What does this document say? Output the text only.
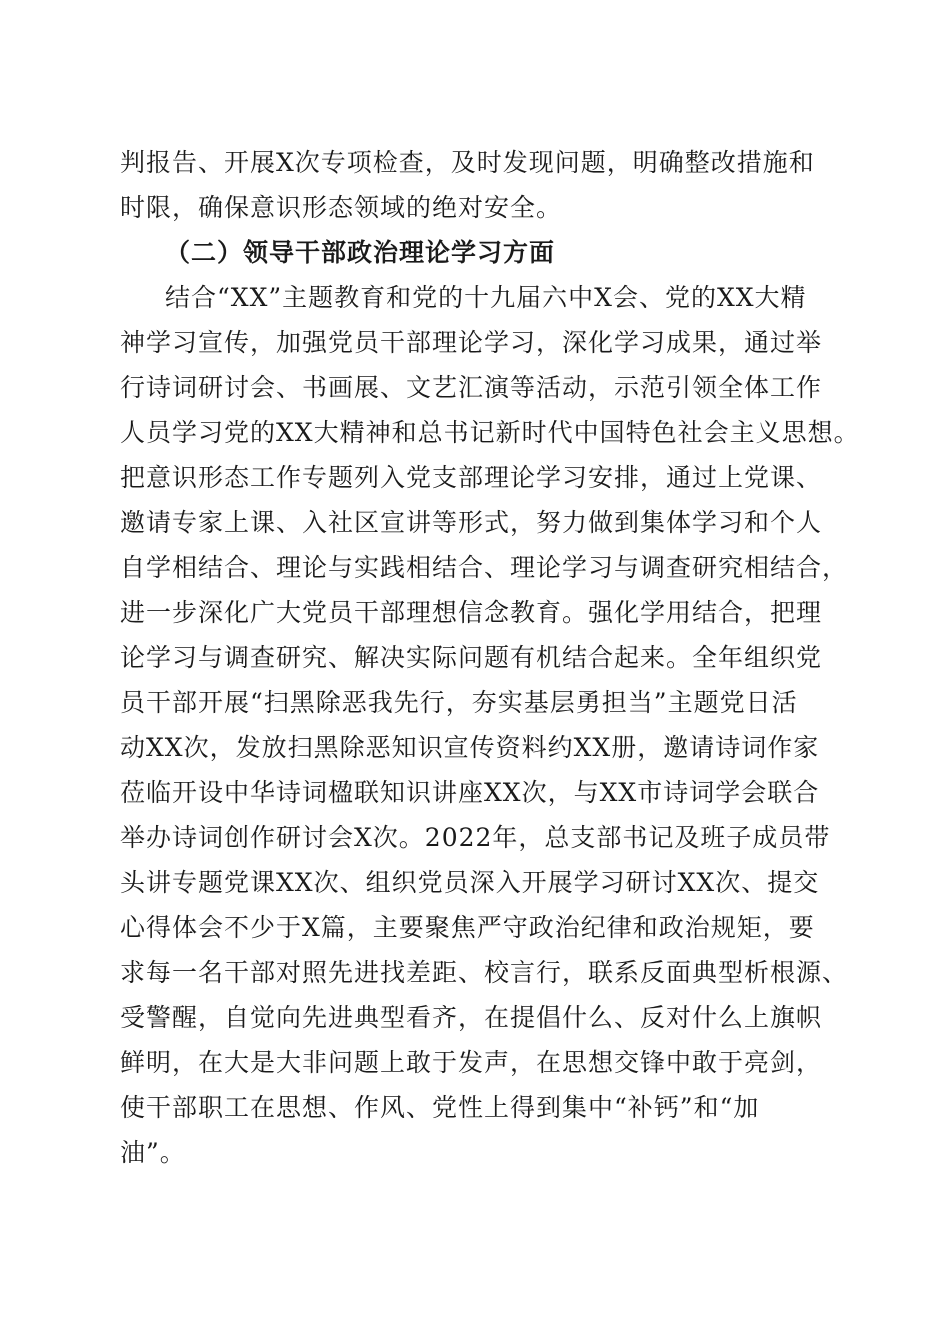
判报告、开展X次专项检查，及时发现问题，明确整改措施和
时限，确保意识形态领域的绝对安全。
（二）领导干部政治理论学习方面
结合“XX”主题教育和党的十九届六中X会、党的XX大精
神学习宣传，加强党员干部理论学习，深化学习成果，通过举
行诗词研讨会、书画展、文艺汇演等活动，示范引领全体工作
人员学习党的XX大精神和总书记新时代中国特色社会主义思想。
把意识形态工作专题列入党支部理论学习安排，通过上党课、
邀请专家上课、入社区宣讲等形式，努力做到集体学习和个人
自学相结合、理论与实践相结合、理论学习与调查研究相结合，
进一步深化广大党员干部理想信念教育。强化学用结合，把理
论学习与调查研究、解决实际问题有机结合起来。全年组织党
员干部开展“扫黑除恶我先行，夯实基层勇担当”主题党日活
动XX次，发放扫黑除恶知识宣传资料约XX册，邀请诗词作家
莅临开设中华诗词楹联知识讲座XX次，与XX市诗词学会联合
举办诗词创作研讨会X次。2022年，总支部书记及班子成员带
头讲专题党课XX次、组织党员深入开展学习研讨XX次、提交
心得体会不少于X篇，主要聚焦严守政治纪律和政治规矩，要
求每一名干部对照先进找差距、校言行，联系反面典型析根源、
受警醒，自觉向先进典型看齐，在提倡什么、反对什么上旗帜
鲜明，在大是大非问题上敢于发声，在思想交锋中敢于亮剑，
使干部职工在思想、作风、党性上得到集中“补钙”和“加
油”。
